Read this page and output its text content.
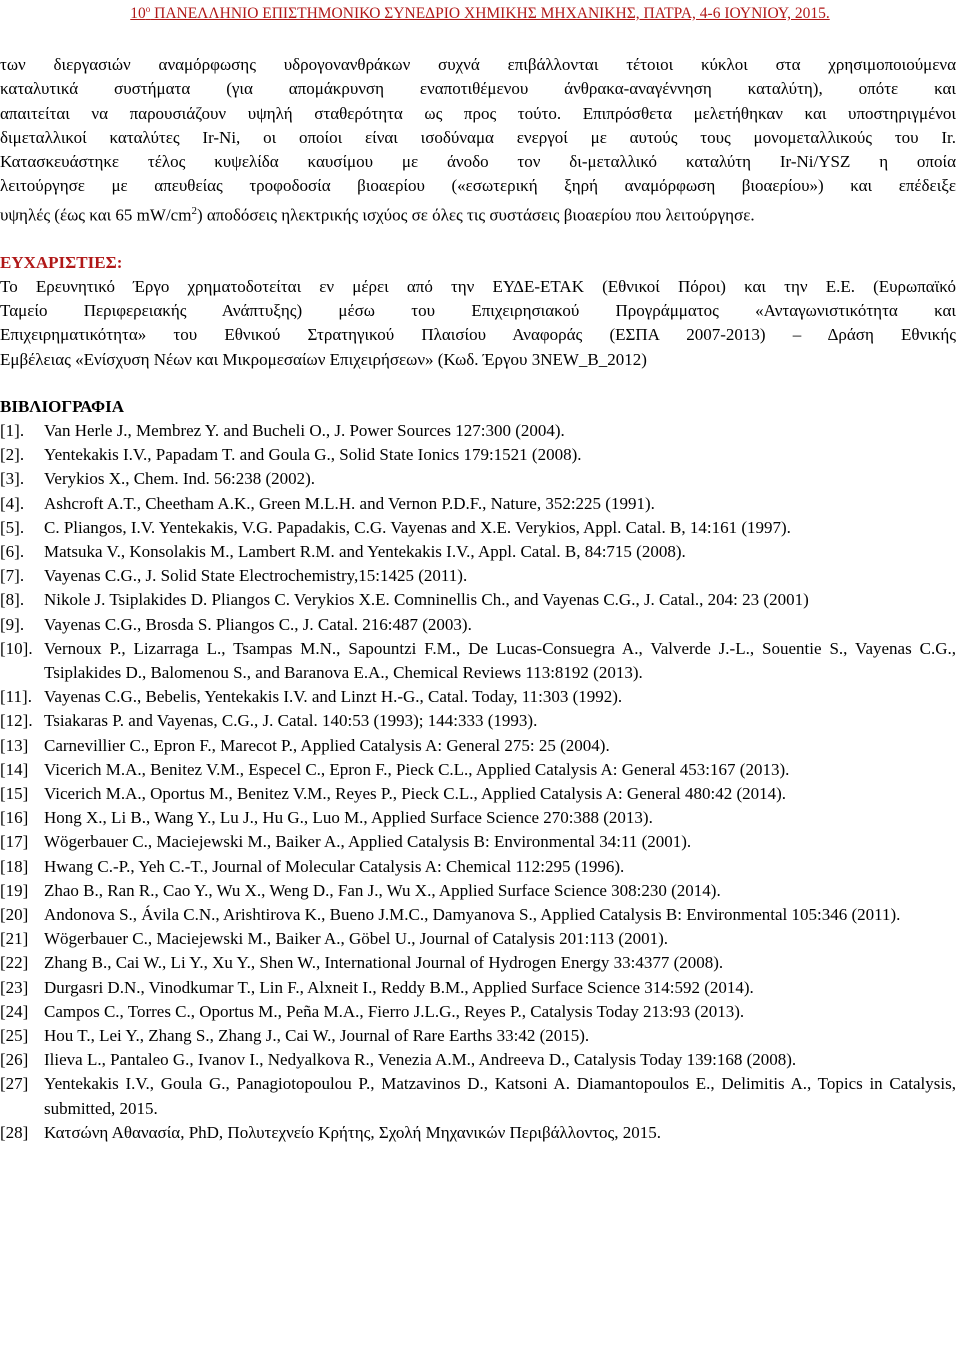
$10^o$ ΠΑΝΕΛΛΗΝΙΟ ΕΠΙΣΤΗΜΟΝΙΚΟ ΣΥΝΕΔΡΙΟ ΧΗΜΙΚΗΣ ΜΗΧΑΝΙΚΗΣ, ΠΑΤΡΑ, 4-6 ΙΟΥΝΙΟΥ, 2015.

των διεργασιών αναμόρφωσης υδρογονανθράκων συχνά επιβάλλονται τέτοιοι κύκλοι στα χρησιμοποιούμενα

καταλυτικά συστήματα (για απομάκρυνση εναποτιθέμενου άνθρακα-αναγέννηση καταλύτη), οπότε και

απαιτείται να παρουσιάζουν υψηλή σταθερότητα ως προς τούτο. Επιπρόσθετα μελετήθηκαν και υποστηριγμένοι

διμεταλλικοί καταλύτες Ir-Ni, οι οποίοι είναι ισοδύναμα ενεργοί με αυτούς τους μονομεταλλικούς του Ir.

Κατασκευάστηκε τέλος κυψελίδα καυσίμου με άνοδο τον δι-μεταλλικό καταλύτη Ir-Ni/YSZ η οποία

λειτούργησε με απευθείας τροφοδοσία βιοαερίου («εσωτερική ξηρή αναμόρφωση βιοαερίου») και επέδειξε

υψηλές (έως και 65 $mW/cm^2$) αποδόσεις ηλεκτρικής ισχύος σε όλες τις συστάσεις βιοαερίου που λειτούργησε.

ΕΥΧΑΡΙΣΤΙΕΣ:

Το Ερευνητικό Έργο χρηματοδοτείται εν μέρει από την ΕΥΔΕ-ΕΤΑΚ (Εθνικοί Πόροι) και την Ε.Ε. (Ευρωπαϊκό

Ταμείο Περιφερειακής Ανάπτυξης) μέσω του Επιχειρησιακού Προγράμματος «Ανταγωνιστικότητα και

Επιχειρηματικότητα» του Εθνικού Στρατηγικού Πλαισίου Αναφοράς (ΕΣΠΑ 2007-2013) – Δράση Εθνικής

Εμβέλειας «Ενίσχυση Νέων και Μικρομεσαίων Επιχειρήσεων» (Κωδ. Έργου 3NEW_B_2012)

ΒΙΒΛΙΟΓΡΑΦΙΑ

[1].	Van Herle J., Membrez Y. and Bucheli O., J. Power Sources 127:300 (2004).
[2].	Yentekakis I.V., Papadam T. and Goula G., Solid State Ionics 179:1521 (2008).
[3].	Verykios X., Chem. Ind. 56:238 (2002).
[4].	Ashcroft A.T., Cheetham A.K., Green M.L.H. and Vernon P.D.F., Nature, 352:225 (1991).
[5].	C. Pliangos, I.V. Yentekakis, V.G. Papadakis, C.G. Vayenas and X.E. Verykios, Appl. Catal. B, 14:161 (1997).
[6].	Matsuka V., Konsolakis M., Lambert R.M. and Yentekakis I.V., Appl. Catal. B, 84:715 (2008).
[7].	Vayenas C.G., J. Solid State Electrochemistry,15:1425 (2011).
[8].	Nikole J. Tsiplakides D. Pliangos C. Verykios X.E. Comninellis Ch., and Vayenas C.G., J. Catal., 204: 23 (2001)
[9].	Vayenas C.G., Brosda S. Pliangos C., J. Catal. 216:487 (2003).
[10]. Vernoux P., Lizarraga L., Tsampas M.N., Sapountzi F.M., De Lucas-Consuegra A., Valverde J.-L., Souentie S., Vayenas C.G., Tsiplakides D., Balomenou S., and Baranova E.A., Chemical Reviews 113:8192 (2013).
[11]. Vayenas C.G., Bebelis, Yentekakis I.V. and Linzt H.-G., Catal. Today, 11:303 (1992).
[12]. Tsiakaras P. and Vayenas, C.G., J. Catal. 140:53 (1993); 144:333 (1993).
[13] Carnevillier C., Epron F., Marecot P., Applied Catalysis A: General 275: 25 (2004).
[14] Vicerich M.A., Benitez V.M., Especel C., Epron F., Pieck C.L., Applied Catalysis A: General 453:167 (2013).
[15] Vicerich M.A., Oportus M., Benitez V.M., Reyes P., Pieck C.L., Applied Catalysis A: General 480:42 (2014).
[16] Hong X., Li B., Wang Y., Lu J., Hu G., Luo M., Applied Surface Science 270:388 (2013).
[17] Wögerbauer C., Maciejewski M., Baiker A., Applied Catalysis B: Environmental 34:11 (2001).
[18] Hwang C.-P., Yeh C.-T., Journal of Molecular Catalysis A: Chemical 112:295 (1996).
[19] Zhao B., Ran R., Cao Y., Wu X., Weng D., Fan J., Wu X., Applied Surface Science 308:230 (2014).
[20] Andonova S., Ávila C.N., Arishtirova K., Bueno J.M.C., Damyanova S., Applied Catalysis B: Environmental 105:346 (2011).
[21] Wögerbauer C., Maciejewski M., Baiker A., Göbel U., Journal of Catalysis 201:113 (2001).
[22] Zhang B., Cai W., Li Y., Xu Y., Shen W., International Journal of Hydrogen Energy 33:4377 (2008).
[23] Durgasri D.N., Vinodkumar T., Lin F., Alxneit I., Reddy B.M., Applied Surface Science 314:592 (2014).
[24] Campos C., Torres C., Oportus M., Peña M.A., Fierro J.L.G., Reyes P., Catalysis Today 213:93 (2013).
[25] Hou T., Lei Y., Zhang S., Zhang J., Cai W., Journal of Rare Earths 33:42 (2015).
[26] Ilieva L., Pantaleo G., Ivanov I., Nedyalkova R., Venezia A.M., Andreeva D., Catalysis Today 139:168 (2008).
[27] Yentekakis I.V., Goula G., Panagiotopoulou P., Matzavinos D., Katsoni A. Diamantopoulos E., Delimitis A., Topics in Catalysis, submitted, 2015.
[28] Κατσώνη Αθανασία, PhD, Πολυτεχνείο Κρήτης, Σχολή Μηχανικών Περιβάλλοντος, 2015.
